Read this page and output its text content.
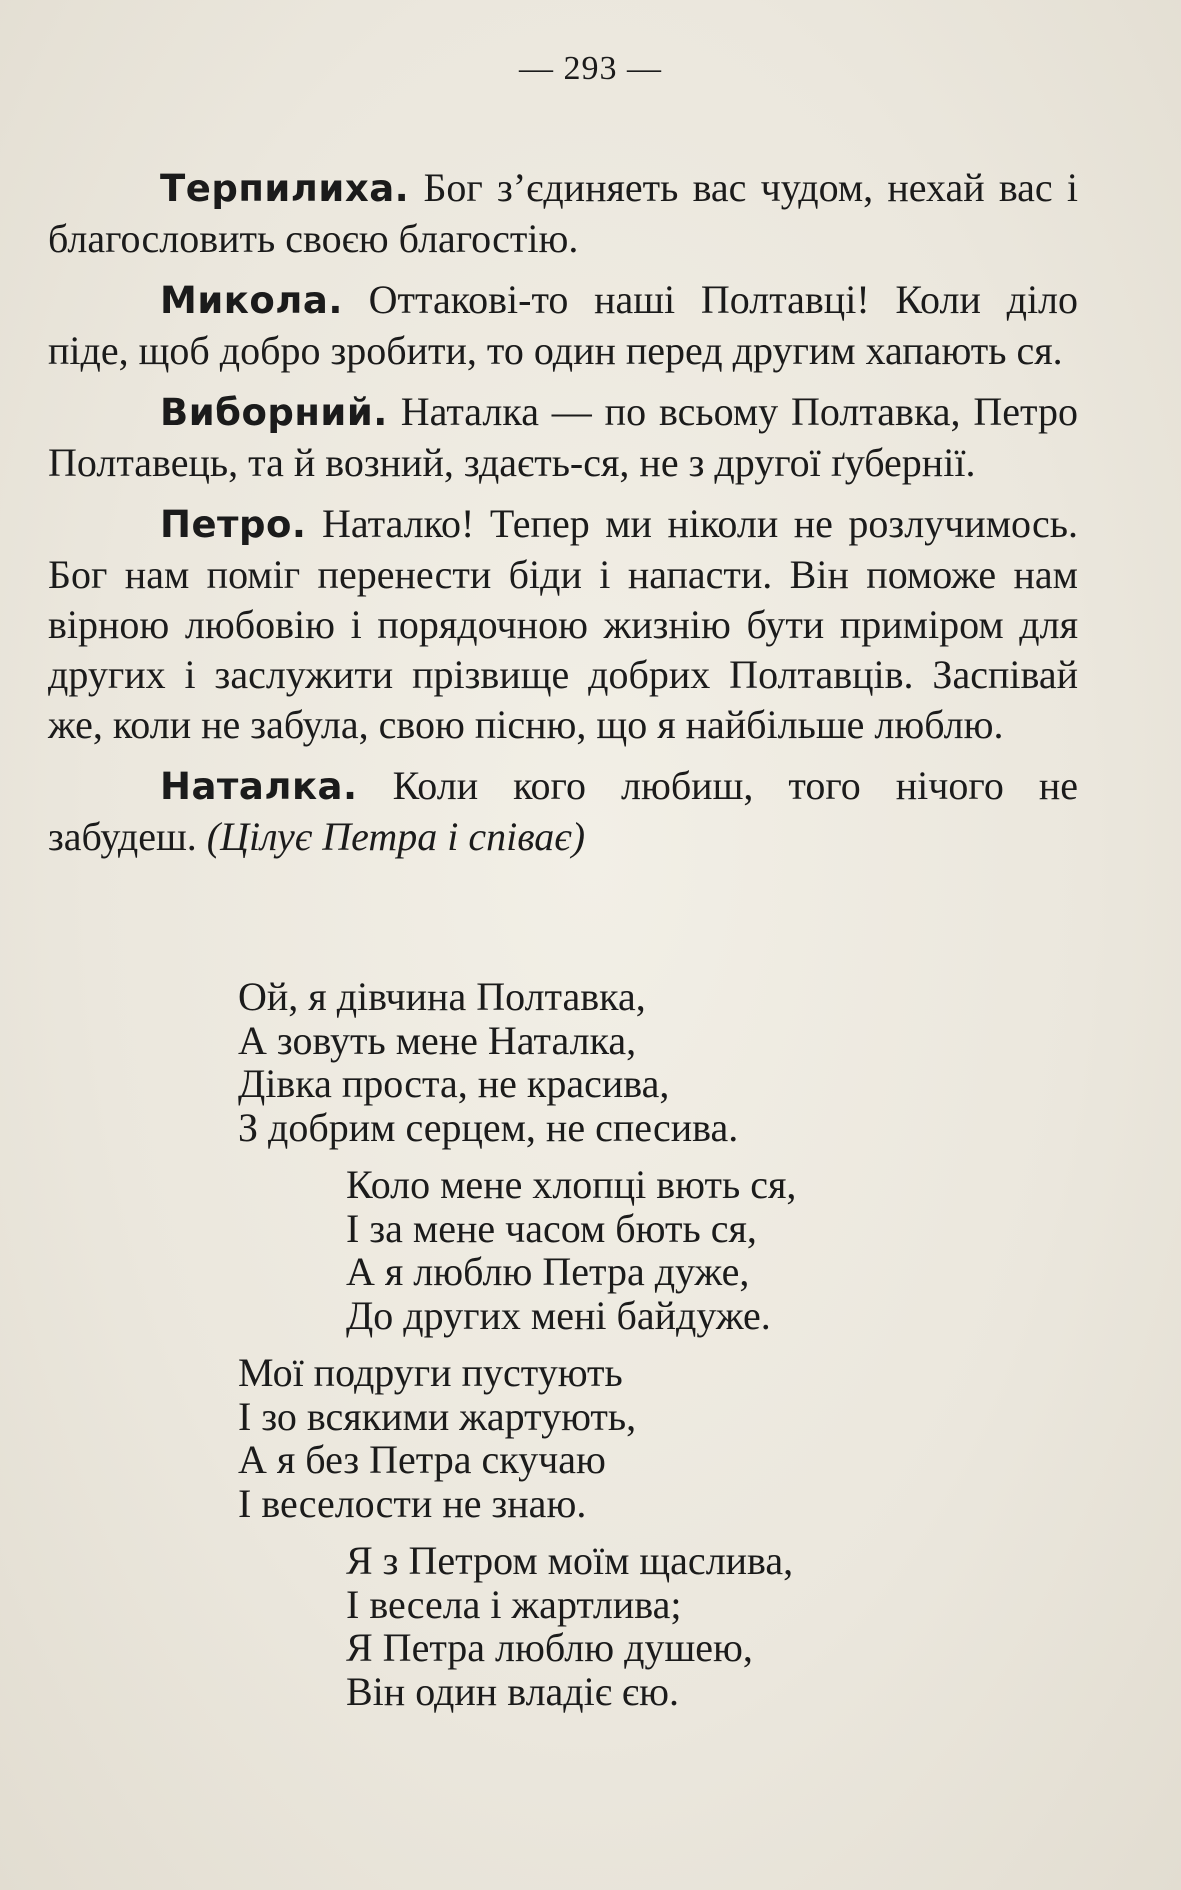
— 293 —

Терпилиха. Бог з’єдиняеть вас чудом, нехай вас і благословить своєю благостію.

Микола. Оттакові-то наші Полтавці! Коли діло піде, щоб добро зробити, то один перед другим хапають ся.

Виборний. Наталка — по всьому Полтавка, Петро Полтавець, та й возний, здаєть-ся, не з другої ґубернії.

Петро. Наталко! Тепер ми ніколи не розлучимось. Бог нам поміг перенести біди і напасти. Він поможе нам вірною любовію і порядочною жизнію бути приміром для других і заслужити прізвище добрих Полтавців. Заспівай же, коли не забула, свою пісню, що я найбільше люблю.

Наталка. Коли кого любиш, того нічого не забудеш. (Цілує Петра і співає)

Ой, я дівчина Полтавка,
А зовуть мене Наталка,
Дівка проста, не красива,
З добрим серцем, не спесива.
Коло мене хлопці вють ся,
І за мене часом бють ся,
А я люблю Петра дуже,
До других мені байдуже.
Мої подруги пустують
І зо всякими жартують,
А я без Петра скучаю
І веселости не знаю.
Я з Петром моїм щаслива,
І весела і жартлива;
Я Петра люблю душею,
Він один владіє єю.
